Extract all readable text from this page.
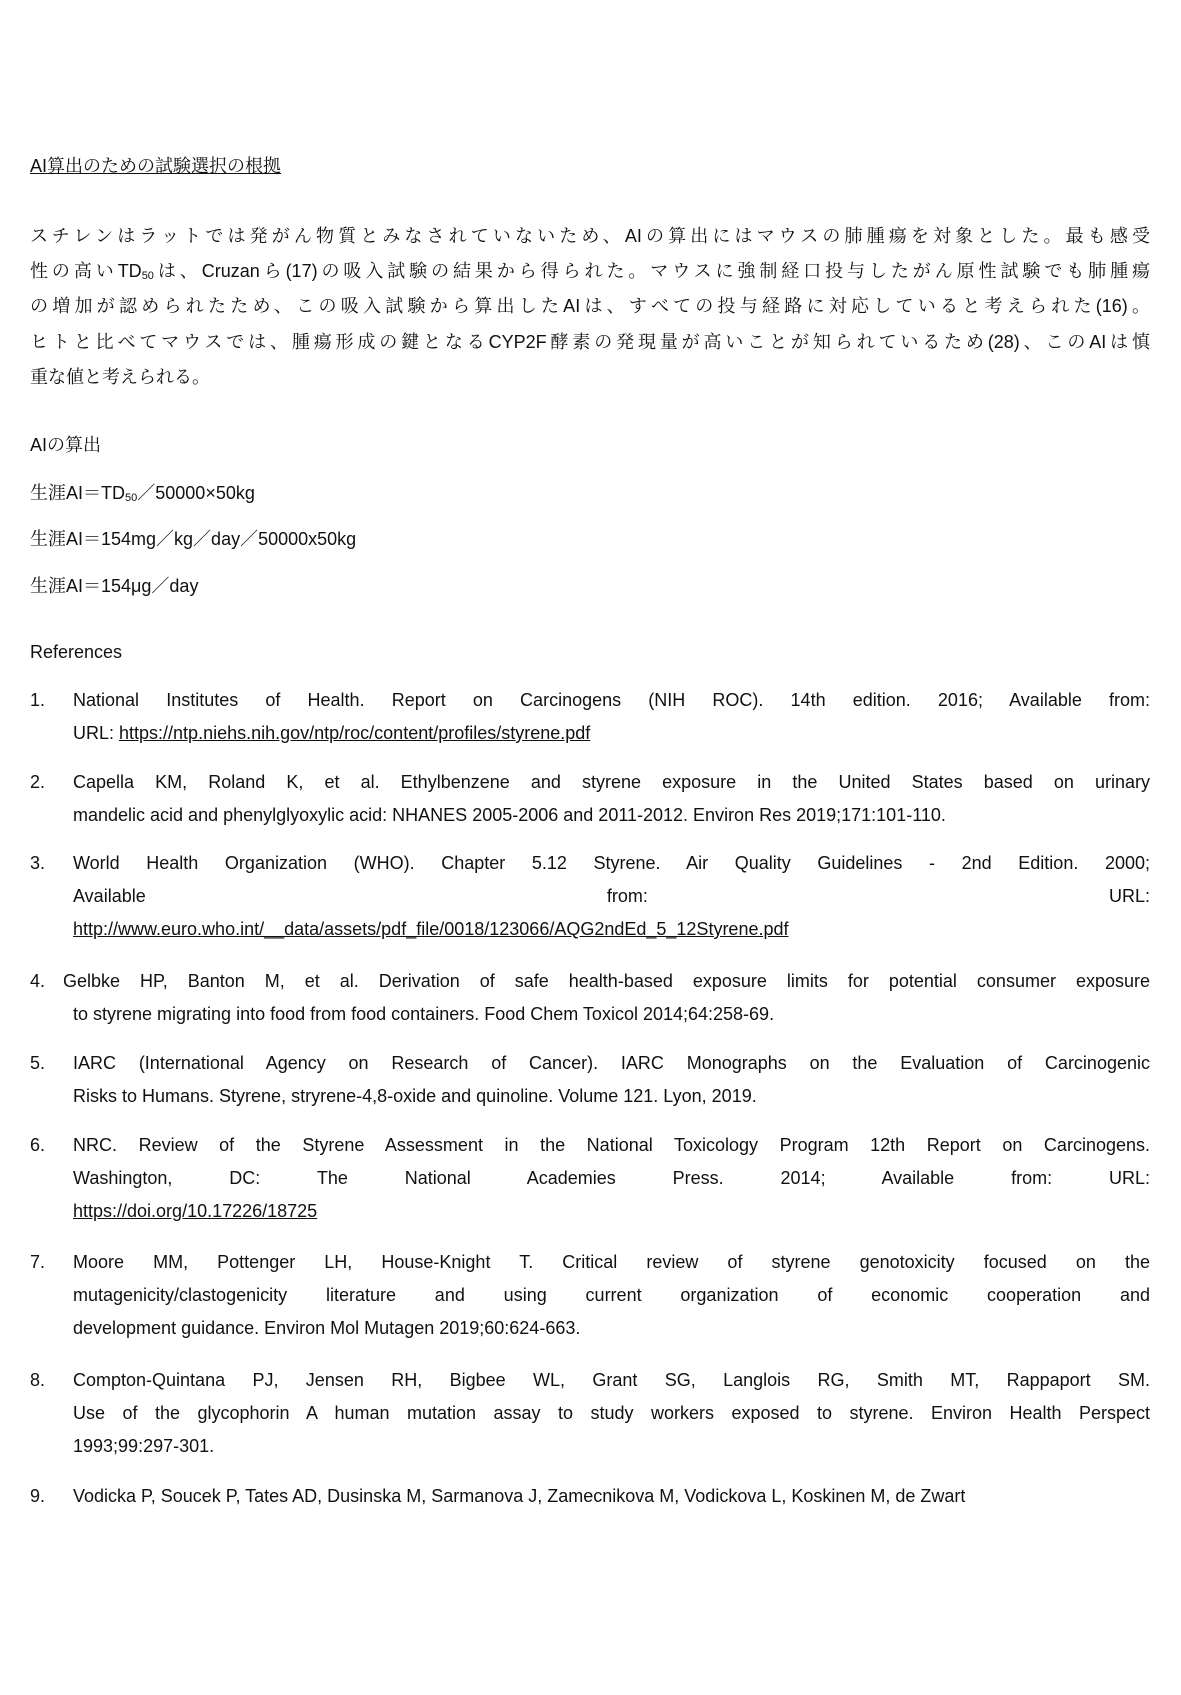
AI算出のための試験選択の根拠
スチレンはラットでは発がん物質とみなされていないため、AIの算出にはマウスの肺腫瘍を対象とした。最も感受
性の高い$TD_{50}$は、Cruzanら(17)の吸入試験の結果から得られた。マウスに強制経口投与したがん原性試験でも肺腫瘍
の増加が認められたため、この吸入試験から算出したAIは、すべての投与経路に対応していると考えられた(16)。
ヒトと比べてマウスでは、腫瘍形成の鍵となるCYP2F酵素の発現量が高いことが知られているため(28)、このAIは慎
重な値と考えられる。
AIの算出
生涯$AI=TD_{50}/50000\times 50kg$
生涯AI＝154mg／kg／day／50000x50kg
生涯AI＝154μg／day
References
1. National Institutes of Health. Report on Carcinogens (NIH ROC). 14th edition. 2016; Available from:
URL: https://ntp.niehs.nih.gov/ntp/roc/content/profiles/styrene.pdf
2. Capella KM, Roland K, et al. Ethylbenzene and styrene exposure in the United States based on urinary
mandelic acid and phenylglyoxylic acid: NHANES 2005-2006 and 2011-2012. Environ Res 2019;171:101-110.
3. World Health Organization (WHO). Chapter 5.12 Styrene. Air Quality Guidelines - 2nd Edition. 2000;
Available from: URL:
http://www.euro.who.int/__data/assets/pdf_file/0018/123066/AQG2ndEd_5_12Styrene.pdf
4. Gelbke HP, Banton M, et al. Derivation of safe health-based exposure limits for potential consumer exposure
to styrene migrating into food from food containers. Food Chem Toxicol 2014;64:258-69.
5. IARC (International Agency on Research of Cancer). IARC Monographs on the Evaluation of Carcinogenic
Risks to Humans. Styrene, stryrene-4,8-oxide and quinoline. Volume 121. Lyon, 2019.
6. NRC. Review of the Styrene Assessment in the National Toxicology Program 12th Report on Carcinogens.
Washington, DC: The National Academies Press. 2014; Available from: URL:
https://doi.org/10.17226/18725
7. Moore MM, Pottenger LH, House-Knight T. Critical review of styrene genotoxicity focused on the
mutagenicity/clastogenicity literature and using current organization of economic cooperation and
development guidance. Environ Mol Mutagen 2019;60:624-663.
8. Compton-Quintana PJ, Jensen RH, Bigbee WL, Grant SG, Langlois RG, Smith MT, Rappaport SM.
Use of the glycophorin A human mutation assay to study workers exposed to styrene. Environ Health Perspect
1993;99:297-301.
9. Vodicka P, Soucek P, Tates AD, Dusinska M, Sarmanova J, Zamecnikova M, Vodickova L, Koskinen M, de Zwart
